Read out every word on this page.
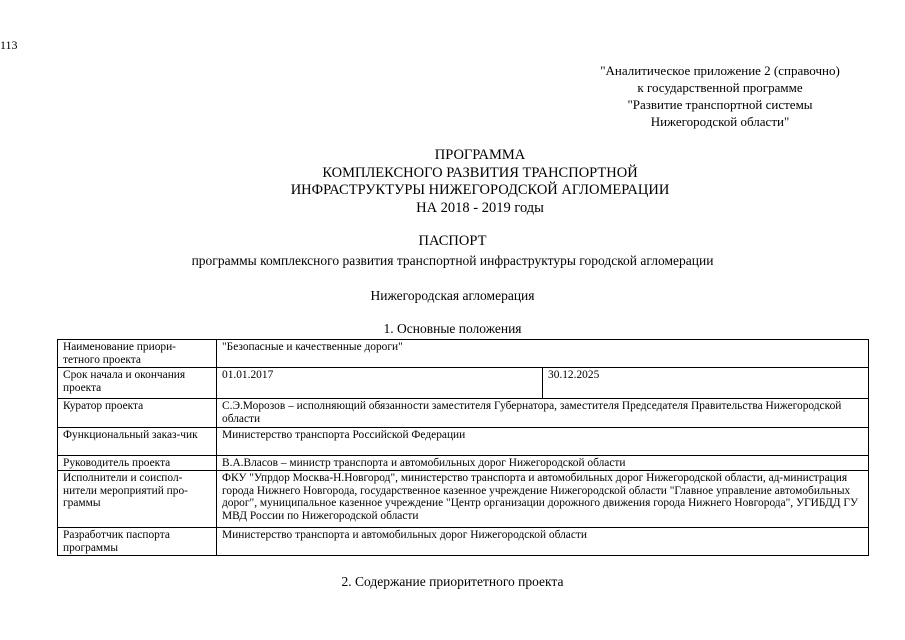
113
"Аналитическое приложение 2 (справочно)
к государственной программе
"Развитие транспортной системы
Нижегородской области"
ПРОГРАММА
КОМПЛЕКСНОГО РАЗВИТИЯ ТРАНСПОРТНОЙ
ИНФРАСТРУКТУРЫ НИЖЕГОРОДСКОЙ АГЛОМЕРАЦИИ
НА 2018 - 2019 годы
ПАСПОРТ
программы комплексного развития транспортной инфраструктуры городской агломерации
Нижегородская агломерация
1. Основные положения
Наименование приори-тетного проекта	"Безопасные и качественные дороги"	
Срок начала и окончания проекта	01.01.2017	30.12.2025
Куратор проекта	С.Э.Морозов – исполняющий обязанности заместителя Губернатора, заместителя Председателя Правительства Нижегородской области	
Функциональный заказ-чик	Министерство транспорта Российской Федерации	
Руководитель проекта	В.А.Власов – министр транспорта и автомобильных дорог Нижегородской области	
Исполнители и соиспол-нители мероприятий про-граммы	ФКУ "Упрдор Москва-Н.Новгород", министерство транспорта и автомобильных дорог Нижегородской области, ад-министрация города Нижнего Новгорода, государственное казенное учреждение Нижегородской области "Главное управление автомобильных дорог", муниципальное казенное учреждение "Центр организации дорожного движения города Нижнего Новгорода", УГИБДД ГУ МВД России по Нижегородской области	
Разработчик паспорта программы	Министерство транспорта и автомобильных дорог Нижегородской области	
2. Содержание приоритетного проекта
